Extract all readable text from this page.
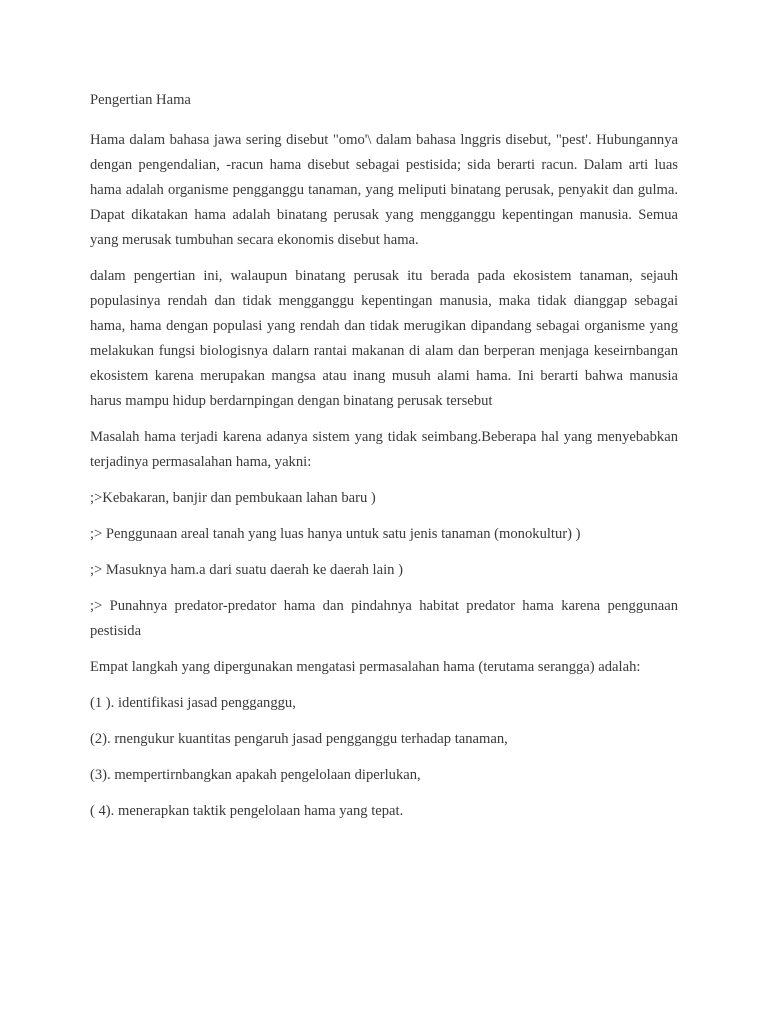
Pengertian Hama

Hama dalam bahasa jawa sering disebut "omo'\ dalam bahasa lnggris disebut, "pest'. Hubungannya dengan pengendalian, -racun hama disebut sebagai pestisida; sida berarti racun. Dalam arti luas hama adalah organisme pengganggu tanaman, yang meliputi binatang perusak, penyakit dan gulma. Dapat dikatakan hama adalah binatang perusak yang mengganggu kepentingan manusia. Semua yang merusak tumbuhan secara ekonomis disebut hama.

dalam pengertian ini, walaupun binatang perusak itu berada pada ekosistem tanaman, sejauh populasinya rendah dan tidak mengganggu kepentingan manusia, maka tidak dianggap sebagai hama, hama dengan populasi yang rendah dan tidak merugikan dipandang sebagai organisme yang melakukan fungsi biologisnya dalarn rantai makanan di alam dan berperan menjaga keseirnbangan ekosistem karena merupakan mangsa atau inang musuh alami hama. Ini berarti bahwa manusia harus mampu hidup berdarnpingan dengan binatang perusak tersebut

Masalah hama terjadi karena adanya sistem yang tidak seimbang.Beberapa hal yang menyebabkan terjadinya permasalahan hama, yakni:

;>Kebakaran, banjir dan pembukaan lahan baru )

;> Penggunaan areal tanah yang luas hanya untuk satu jenis tanaman (monokultur) )

;> Masuknya ham.a dari suatu daerah ke daerah lain )

;> Punahnya predator-predator hama dan pindahnya habitat predator hama karena penggunaan pestisida

Empat langkah yang dipergunakan mengatasi permasalahan hama (terutama serangga) adalah:

(1 ). identifikasi jasad pengganggu,

(2). rnengukur kuantitas pengaruh jasad pengganggu terhadap tanaman,

(3). mempertirnbangkan apakah pengelolaan diperlukan,

( 4). menerapkan taktik pengelolaan hama yang tepat.
